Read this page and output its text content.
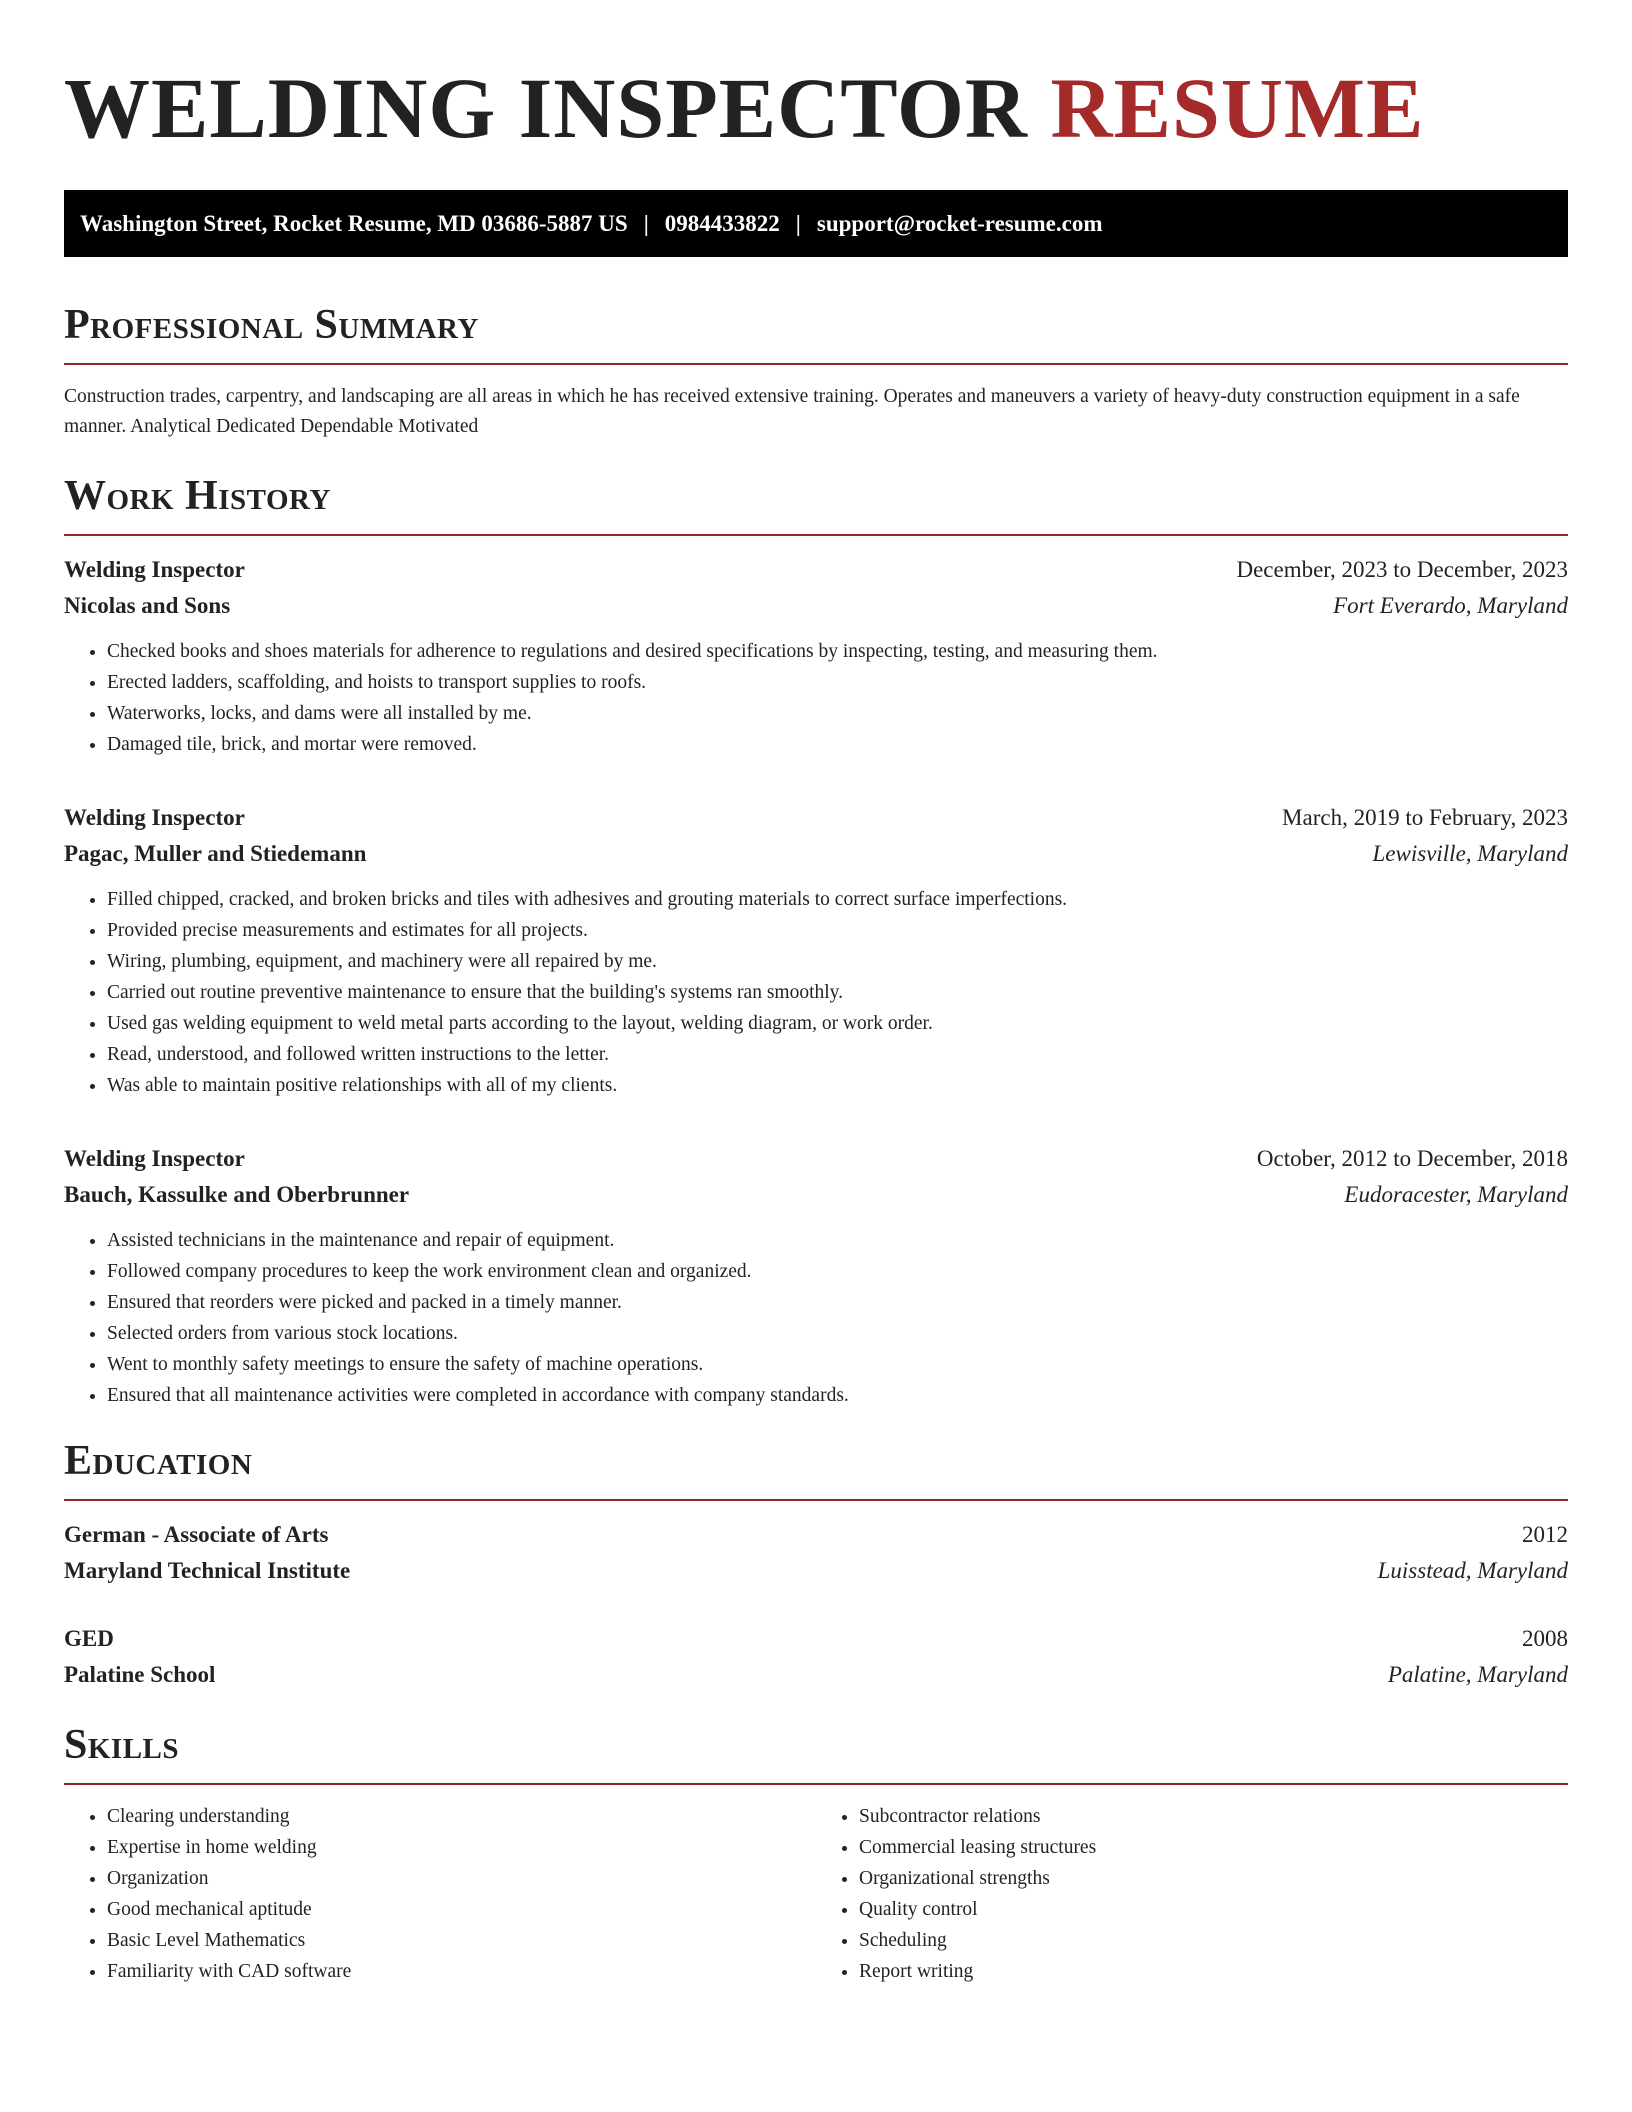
WELDING INSPECTOR RESUME
Washington Street, Rocket Resume, MD 03686-5887 US | 0984433822 | support@rocket-resume.com
Professional Summary
Construction trades, carpentry, and landscaping are all areas in which he has received extensive training. Operates and maneuvers a variety of heavy-duty construction equipment in a safe manner. Analytical Dedicated Dependable Motivated
Work History
Welding Inspector	December, 2023 to December, 2023
Nicolas and Sons	Fort Everardo, Maryland
• Checked books and shoes materials for adherence to regulations and desired specifications by inspecting, testing, and measuring them.
• Erected ladders, scaffolding, and hoists to transport supplies to roofs.
• Waterworks, locks, and dams were all installed by me.
• Damaged tile, brick, and mortar were removed.
Welding Inspector	March, 2019 to February, 2023
Pagac, Muller and Stiedemann	Lewisville, Maryland
• Filled chipped, cracked, and broken bricks and tiles with adhesives and grouting materials to correct surface imperfections.
• Provided precise measurements and estimates for all projects.
• Wiring, plumbing, equipment, and machinery were all repaired by me.
• Carried out routine preventive maintenance to ensure that the building's systems ran smoothly.
• Used gas welding equipment to weld metal parts according to the layout, welding diagram, or work order.
• Read, understood, and followed written instructions to the letter.
• Was able to maintain positive relationships with all of my clients.
Welding Inspector	October, 2012 to December, 2018
Bauch, Kassulke and Oberbrunner	Eudoracester, Maryland
• Assisted technicians in the maintenance and repair of equipment.
• Followed company procedures to keep the work environment clean and organized.
• Ensured that reorders were picked and packed in a timely manner.
• Selected orders from various stock locations.
• Went to monthly safety meetings to ensure the safety of machine operations.
• Ensured that all maintenance activities were completed in accordance with company standards.
Education
German - Associate of Arts	2012
Maryland Technical Institute	Luisstead, Maryland
GED	2008
Palatine School	Palatine, Maryland
Skills
• Clearing understanding
• Expertise in home welding
• Organization
• Good mechanical aptitude
• Basic Level Mathematics
• Familiarity with CAD software
• Subcontractor relations
• Commercial leasing structures
• Organizational strengths
• Quality control
• Scheduling
• Report writing
